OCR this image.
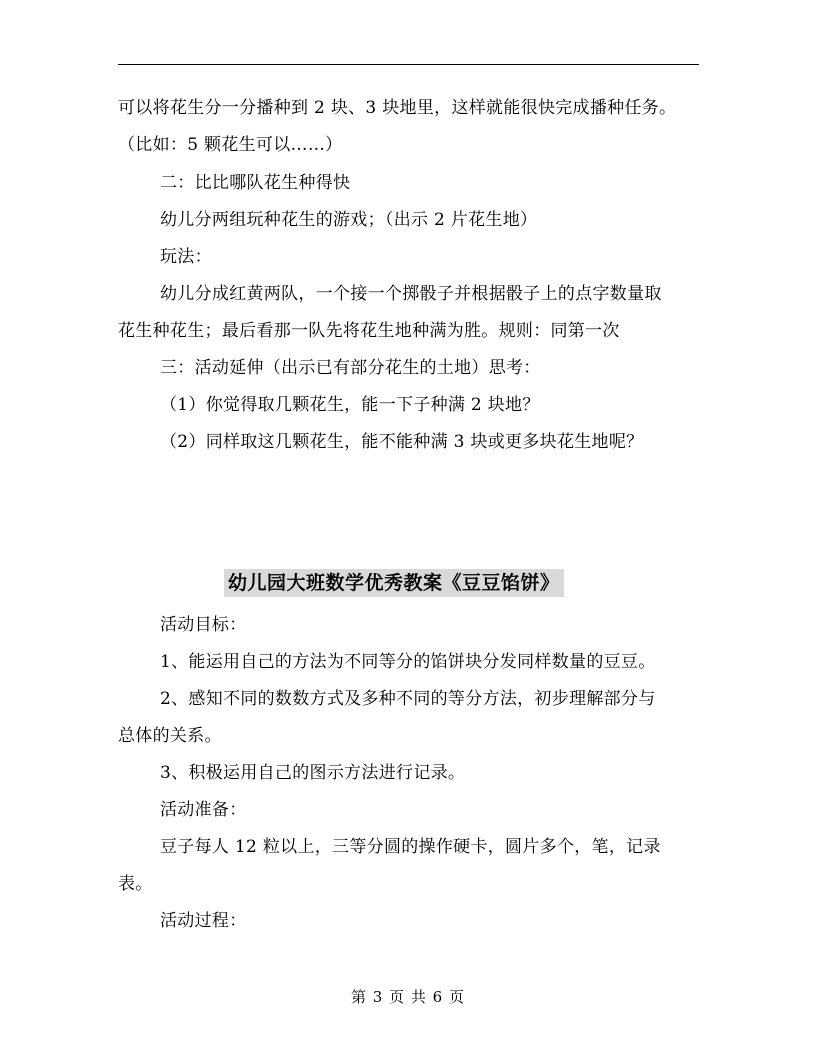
可以将花生分一分播种到 2 块、3 块地里，这样就能很快完成播种任务。
（比如：5 颗花生可以……）
二：比比哪队花生种得快
幼儿分两组玩种花生的游戏；（出示 2 片花生地）
玩法：
幼儿分成红黄两队，一个接一个掷骰子并根据骰子上的点字数量取
花生种花生；最后看那一队先将花生地种满为胜。规则：同第一次
三：活动延伸（出示已有部分花生的土地）思考：
（1）你觉得取几颗花生，能一下子种满 2 块地？
（2）同样取这几颗花生，能不能种满 3 块或更多块花生地呢？
幼儿园大班数学优秀教案《豆豆馅饼》
活动目标：
1、能运用自己的方法为不同等分的馅饼块分发同样数量的豆豆。
2、感知不同的数数方式及多种不同的等分方法，初步理解部分与
总体的关系。
3、积极运用自己的图示方法进行记录。
活动准备：
豆子每人 12 粒以上，三等分圆的操作硬卡，圆片多个，笔，记录
表。
活动过程：
第 3 页 共 6 页
